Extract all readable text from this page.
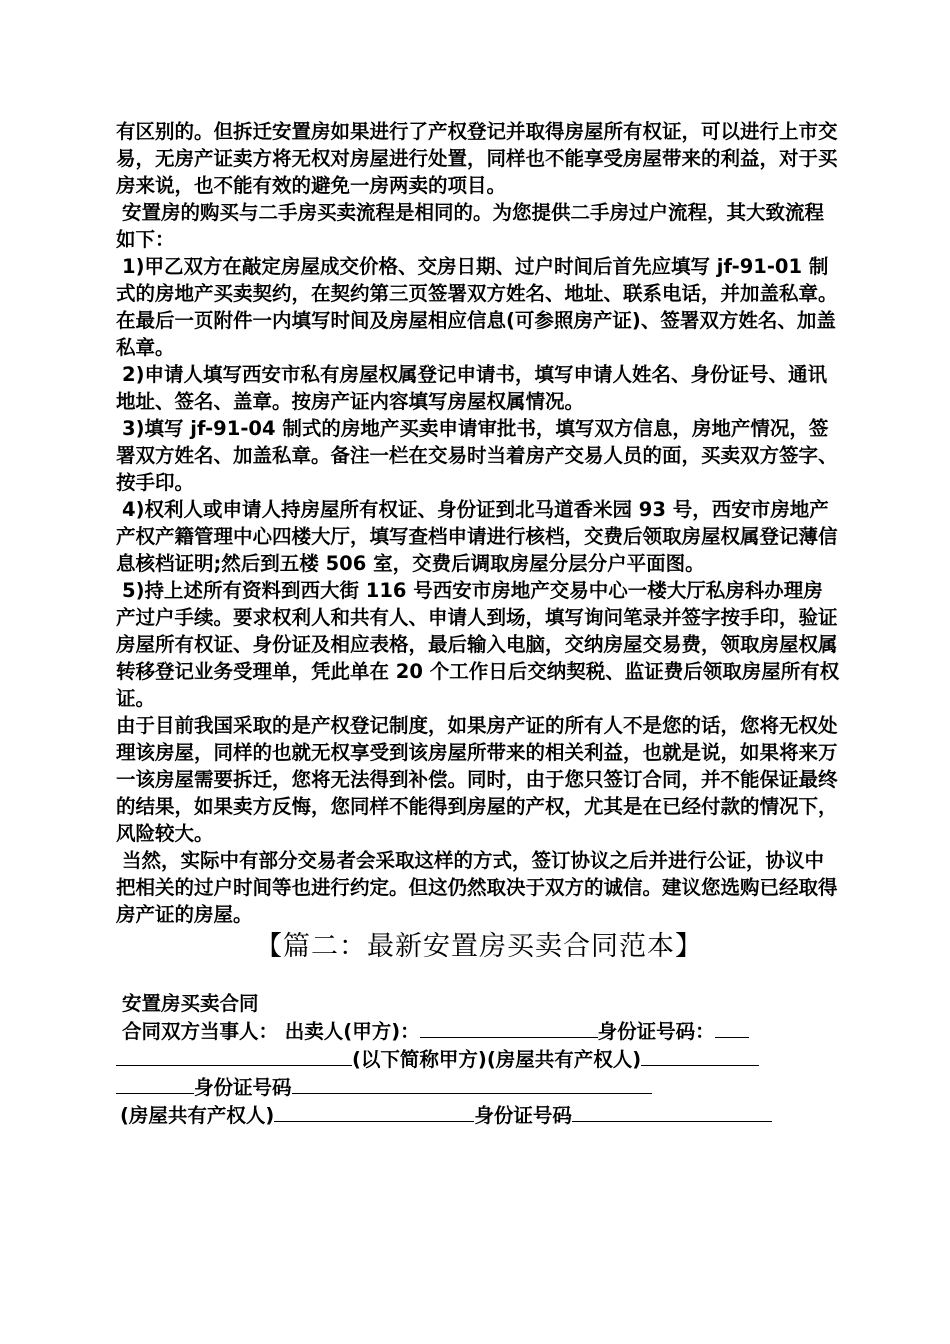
有区别的。但拆迁安置房如果进行了产权登记并取得房屋所有权证，可以进行上市交易，无房产证卖方将无权对房屋进行处置，同样也不能享受房屋带来的利益，对于买房来说，也不能有效的避免一房两卖的项目。

安置房的购买与二手房买卖流程是相同的。为您提供二手房过户流程，其大致流程如下：

1)甲乙双方在敲定房屋成交价格、交房日期、过户时间后首先应填写 jf-91-01 制式的房地产买卖契约，在契约第三页签署双方姓名、地址、联系电话，并加盖私章。在最后一页附件一内填写时间及房屋相应信息(可参照房产证)、签署双方姓名、加盖私章。

2)申请人填写西安市私有房屋权属登记申请书，填写申请人姓名、身份证号、通讯地址、签名、盖章。按房产证内容填写房屋权属情况。

3)填写 jf-91-04 制式的房地产买卖申请审批书，填写双方信息，房地产情况，签署双方姓名、加盖私章。备注一栏在交易时当着房产交易人员的面，买卖双方签字、按手印。

4)权利人或申请人持房屋所有权证、身份证到北马道香米园 93 号，西安市房地产产权产籍管理中心四楼大厅，填写查档申请进行核档，交费后领取房屋权属登记薄信息核档证明;然后到五楼 506 室，交费后调取房屋分层分户平面图。

5)持上述所有资料到西大街 116 号西安市房地产交易中心一楼大厅私房科办理房产过户手续。要求权利人和共有人、申请人到场，填写询问笔录并签字按手印，验证房屋所有权证、身份证及相应表格，最后输入电脑，交纳房屋交易费，领取房屋权属转移登记业务受理单，凭此单在 20 个工作日后交纳契税、监证费后领取房屋所有权证。

由于目前我国采取的是产权登记制度，如果房产证的所有人不是您的话，您将无权处理该房屋，同样的也就无权享受到该房屋所带来的相关利益，也就是说，如果将来万一该房屋需要拆迁，您将无法得到补偿。同时，由于您只签订合同，并不能保证最终的结果，如果卖方反悔，您同样不能得到房屋的产权，尤其是在已经付款的情况下，风险较大。

当然，实际中有部分交易者会采取这样的方式，签订协议之后并进行公证，协议中把相关的过户时间等也进行约定。但这仍然取决于双方的诚信。建议您选购已经取得房产证的房屋。

【篇二：最新安置房买卖合同范本】
安置房买卖合同
合同双方当事人： 出卖人(甲方)：	身份证号码：
(以下简称甲方)(房屋共有产权人)
身份证号码
(房屋共有产权人)	身份证号码
